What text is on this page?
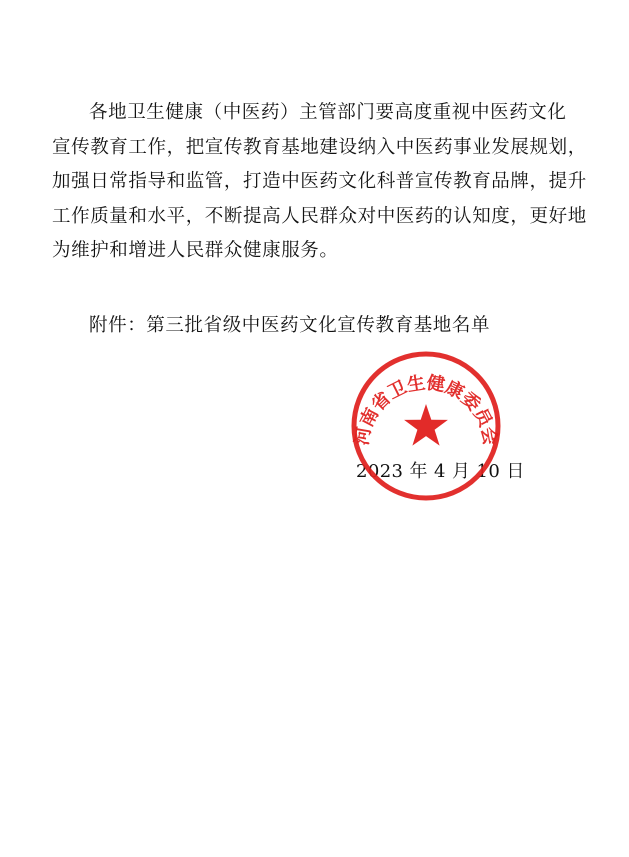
各地卫生健康（中医药）主管部门要高度重视中医药文化
宣传教育工作，把宣传教育基地建设纳入中医药事业发展规划，
加强日常指导和监管，打造中医药文化科普宣传教育品牌，提升
工作质量和水平，不断提高人民群众对中医药的认知度，更好地
为维护和增进人民群众健康服务。
附件：第三批省级中医药文化宣传教育基地名单
2023 年 4 月 10 日
河南省卫生健康委员会
